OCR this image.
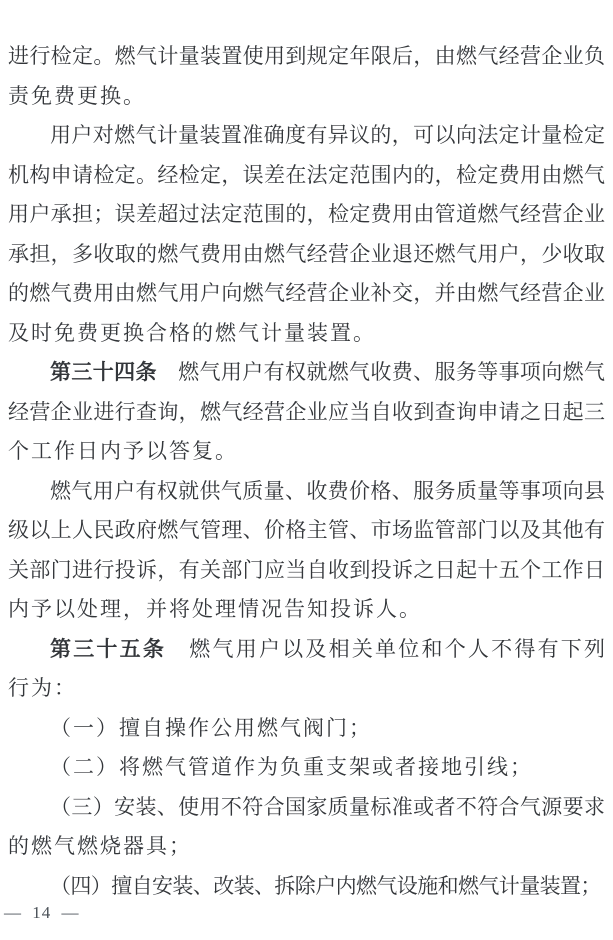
进行检定。燃气计量装置使用到规定年限后，由燃气经营企业负
责免费更换。
用户对燃气计量装置准确度有异议的，可以向法定计量检定
机构申请检定。经检定，误差在法定范围内的，检定费用由燃气
用户承担；误差超过法定范围的，检定费用由管道燃气经营企业
承担，多收取的燃气费用由燃气经营企业退还燃气用户，少收取
的燃气费用由燃气用户向燃气经营企业补交，并由燃气经营企业
及时免费更换合格的燃气计量装置。
第三十四条　燃气用户有权就燃气收费、服务等事项向燃气
经营企业进行查询，燃气经营企业应当自收到查询申请之日起三
个工作日内予以答复。
燃气用户有权就供气质量、收费价格、服务质量等事项向县
级以上人民政府燃气管理、价格主管、市场监管部门以及其他有
关部门进行投诉，有关部门应当自收到投诉之日起十五个工作日
内予以处理，并将处理情况告知投诉人。
第三十五条　燃气用户以及相关单位和个人不得有下列
行为：
（一）擅自操作公用燃气阀门；
（二）将燃气管道作为负重支架或者接地引线；
（三）安装、使用不符合国家质量标准或者不符合气源要求
的燃气燃烧器具；
（四）擅自安装、改装、拆除户内燃气设施和燃气计量装置；
— 14 —
